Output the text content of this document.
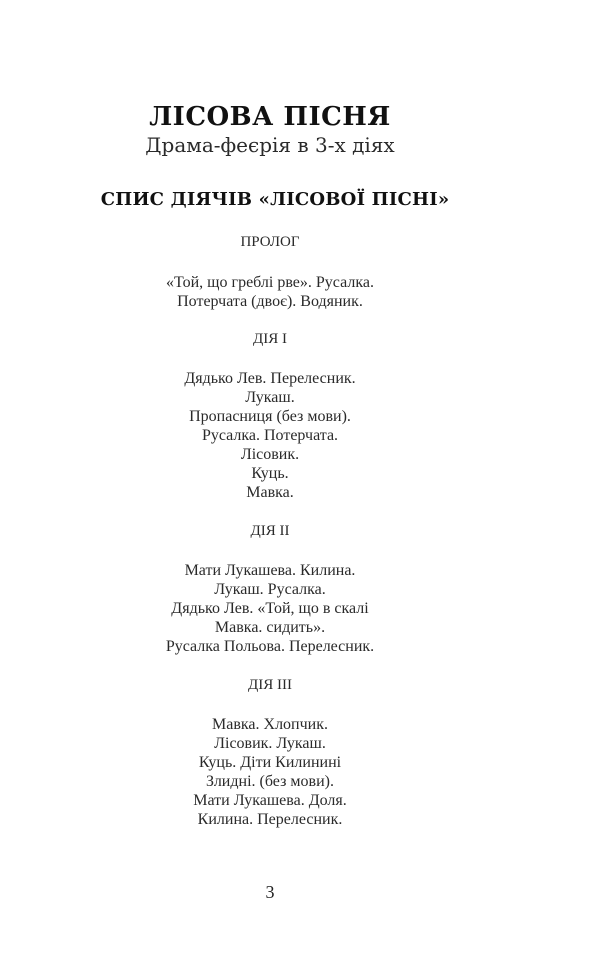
ЛІСОВА ПІСНЯ
Драма-феєрія в 3-х діях
СПИС ДІЯЧІВ «ЛІСОВОЇ ПІСНІ»
ПРОЛОГ
«Той, що греблі рве». Русалка.
Потерчата (двоє). Водяник.
ДІЯ I
Дядько Лев. Перелесник.
Лукаш.
Пропасниця (без мови).
Русалка. Потерчата.
Лісовик.
Куць.
Мавка.
ДІЯ II
Мати Лукашева. Килина.
Лукаш. Русалка.
Дядько Лев. «Той, що в скалі
Мавка. сидить».
Русалка Польова. Перелесник.
ДІЯ III
Мавка. Хлопчик.
Лісовик. Лукаш.
Куць. Діти Килинині
Злидні. (без мови).
Мати Лукашева. Доля.
Килина. Перелесник.
3
